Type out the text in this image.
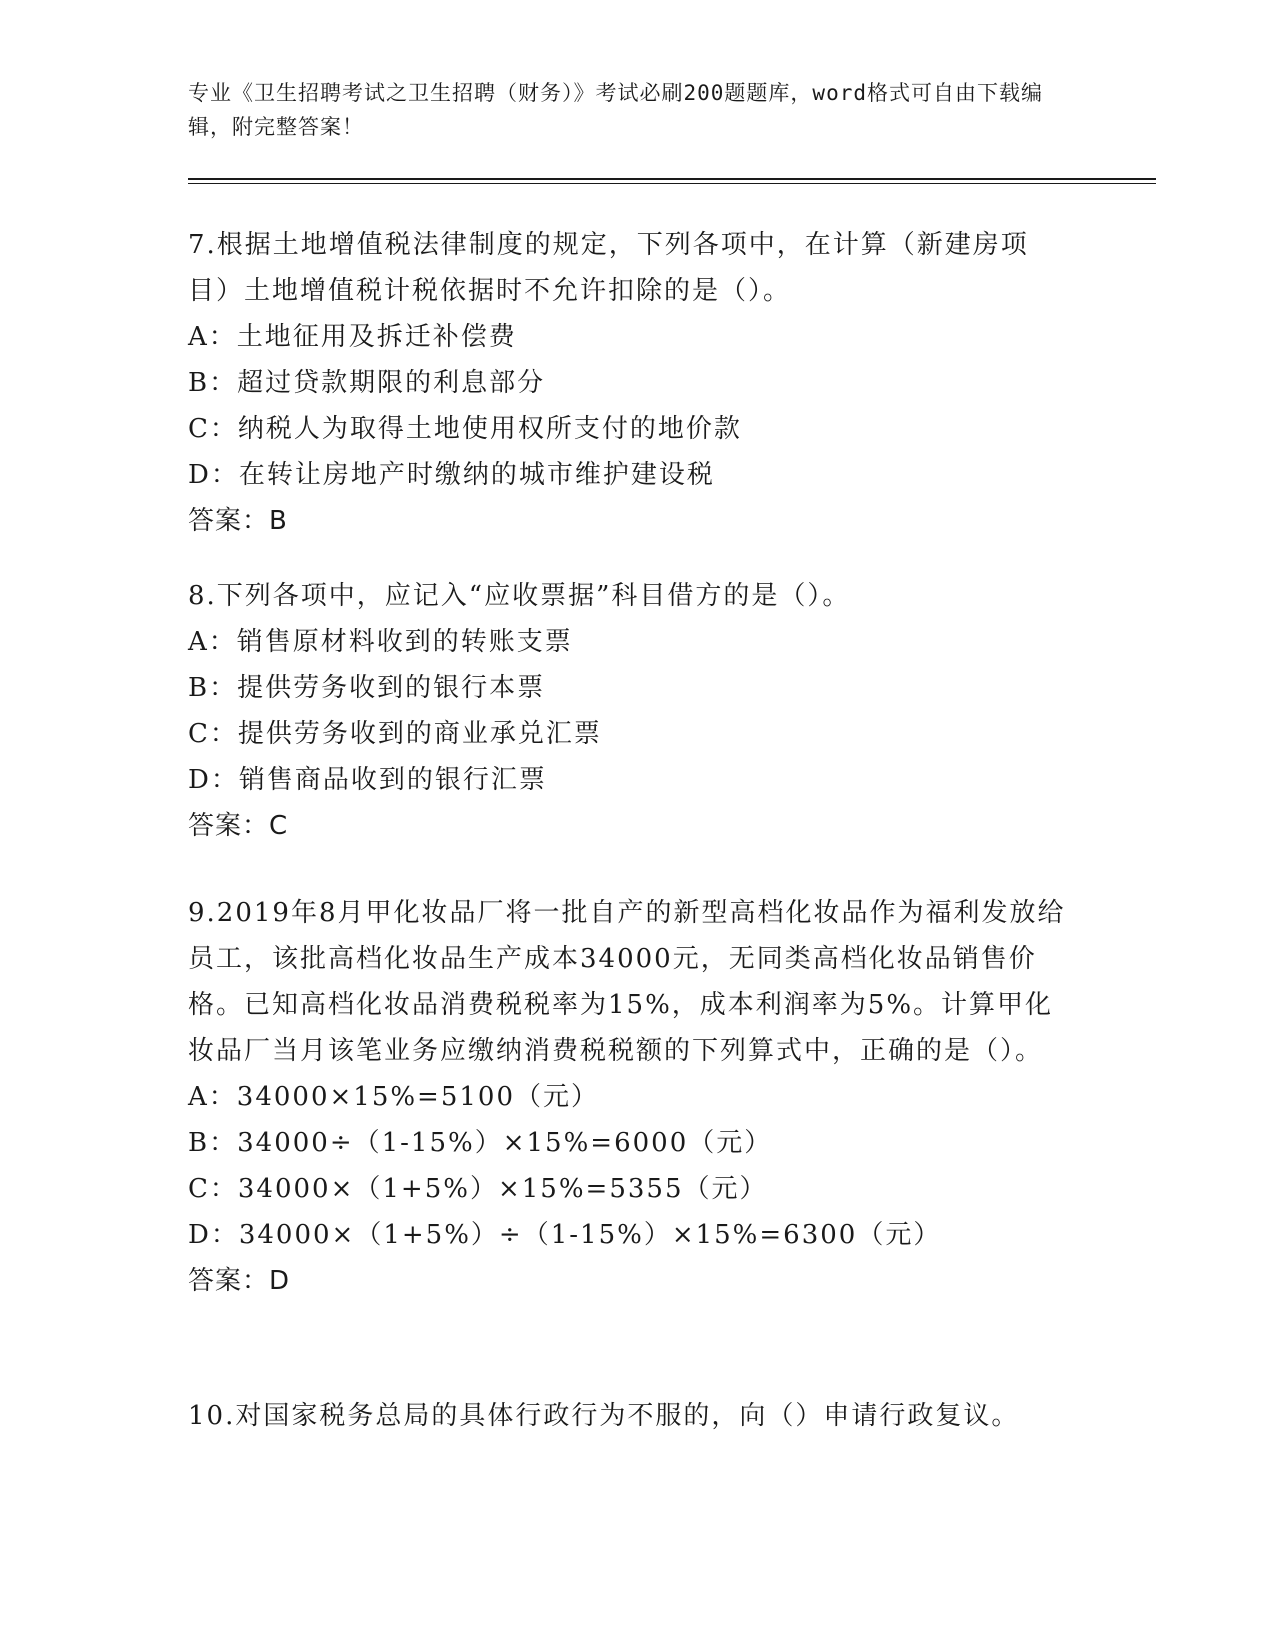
专业《卫生招聘考试之卫生招聘（财务）》考试必刷200题题库，word格式可自由下载编辑，附完整答案！

7.根据土地增值税法律制度的规定，下列各项中，在计算（新建房项目）土地增值税计税依据时不允许扣除的是（）。

A：土地征用及拆迁补偿费

B：超过贷款期限的利息部分

C：纳税人为取得土地使用权所支付的地价款

D：在转让房地产时缴纳的城市维护建设税

答案：B

8.下列各项中，应记入“应收票据”科目借方的是（）。

A：销售原材料收到的转账支票

B：提供劳务收到的银行本票

C：提供劳务收到的商业承兑汇票

D：销售商品收到的银行汇票

答案：C

9.2019年8月甲化妆品厂将一批自产的新型高档化妆品作为福利发放给员工，该批高档化妆品生产成本34000元，无同类高档化妆品销售价格。已知高档化妆品消费税税率为15%，成本利润率为5%。计算甲化妆品厂当月该笔业务应缴纳消费税税额的下列算式中，正确的是（）。

A：34000×15%=5100（元）

B：34000÷（1-15%）×15%=6000（元）

C：34000×（1+5%）×15%=5355（元）

D：34000×（1+5%）÷（1-15%）×15%=6300（元）

答案：D

10.对国家税务总局的具体行政行为不服的，向（）申请行政复议。
